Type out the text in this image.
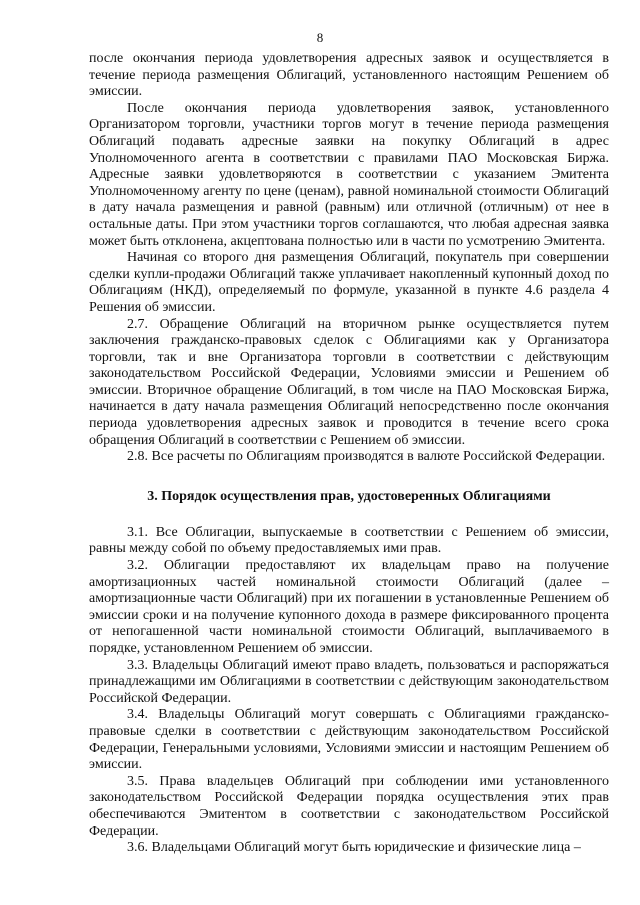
8

после окончания периода удовлетворения адресных заявок и осуществляется в течение периода размещения Облигаций, установленного настоящим Решением об эмиссии.

После окончания периода удовлетворения заявок, установленного Организатором торговли, участники торгов могут в течение периода размещения Облигаций подавать адресные заявки на покупку Облигаций в адрес Уполномоченного агента в соответствии с правилами ПАО Московская Биржа. Адресные заявки удовлетворяются в соответствии с указанием Эмитента Уполномоченному агенту по цене (ценам), равной номинальной стоимости Облигаций в дату начала размещения и равной (равным) или отличной (отличным) от нее в остальные даты. При этом участники торгов соглашаются, что любая адресная заявка может быть отклонена, акцептована полностью или в части по усмотрению Эмитента.

Начиная со второго дня размещения Облигаций, покупатель при совершении сделки купли-продажи Облигаций также уплачивает накопленный купонный доход по Облигациям (НКД), определяемый по формуле, указанной в пункте 4.6 раздела 4 Решения об эмиссии.

2.7. Обращение Облигаций на вторичном рынке осуществляется путем заключения гражданско-правовых сделок с Облигациями как у Организатора торговли, так и вне Организатора торговли в соответствии с действующим законодательством Российской Федерации, Условиями эмиссии и Решением об эмиссии. Вторичное обращение Облигаций, в том числе на ПАО Московская Биржа, начинается в дату начала размещения Облигаций непосредственно после окончания периода удовлетворения адресных заявок и проводится в течение всего срока обращения Облигаций в соответствии с Решением об эмиссии.

2.8. Все расчеты по Облигациям производятся в валюте Российской Федерации.

3. Порядок осуществления прав, удостоверенных Облигациями

3.1. Все Облигации, выпускаемые в соответствии с Решением об эмиссии, равны между собой по объему предоставляемых ими прав.

3.2. Облигации предоставляют их владельцам право на получение амортизационных частей номинальной стоимости Облигаций (далее – амортизационные части Облигаций) при их погашении в установленные Решением об эмиссии сроки и на получение купонного дохода в размере фиксированного процента от непогашенной части номинальной стоимости Облигаций, выплачиваемого в порядке, установленном Решением об эмиссии.

3.3. Владельцы Облигаций имеют право владеть, пользоваться и распоряжаться принадлежащими им Облигациями в соответствии с действующим законодательством Российской Федерации.

3.4. Владельцы Облигаций могут совершать с Облигациями гражданско-правовые сделки в соответствии с действующим законодательством Российской Федерации, Генеральными условиями, Условиями эмиссии и настоящим Решением об эмиссии.

3.5. Права владельцев Облигаций при соблюдении ими установленного законодательством Российской Федерации порядка осуществления этих прав обеспечиваются Эмитентом в соответствии с законодательством Российской Федерации.

3.6. Владельцами Облигаций могут быть юридические и физические лица –
